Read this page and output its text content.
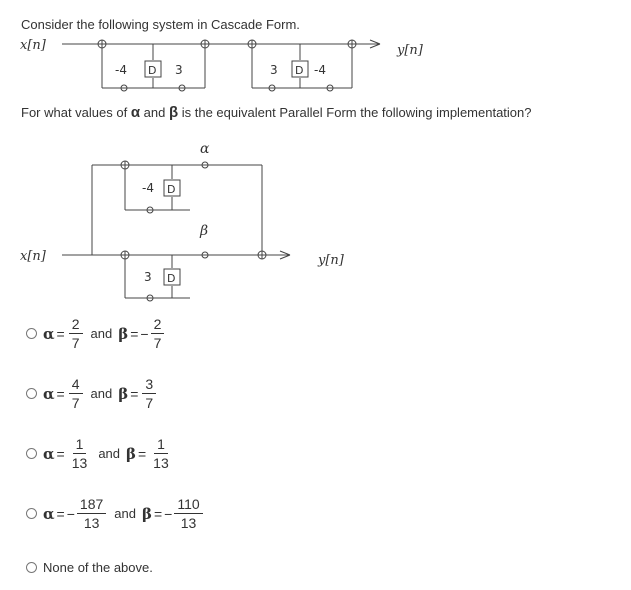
Consider the following system in Cascade Form.
x[n]	y[n]
-4 D 3	3 D -4
For what values of α and β is the equivalent Parallel Form the following implementation?
x[n]	y[n]
-4 D
3 D
α
β
$\alpha = \frac{2}{7}$ and β = − $\frac{2}{7}$
$\alpha = \frac{4}{7}$ and $\beta = \frac{3}{7}$
$\alpha = \frac{1}{13}$ and $\beta = \frac{1}{13}$
α = − $\frac{187}{13}$ and β = − $\frac{110}{13}$
None of the above.
